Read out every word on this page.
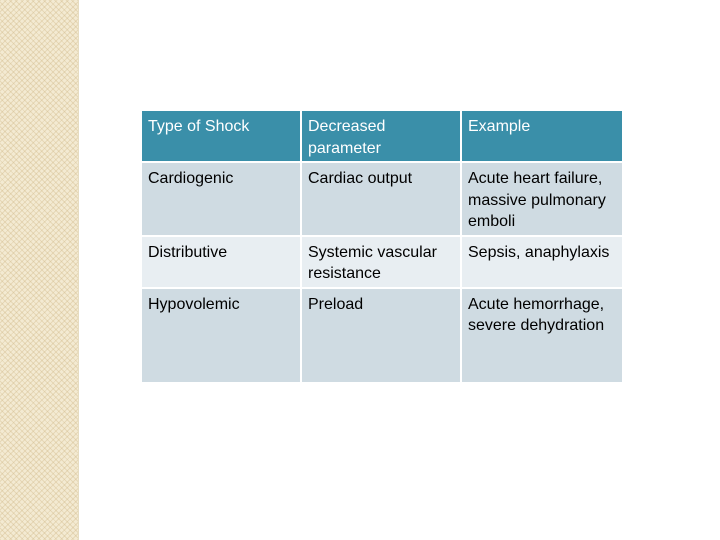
Type of Shock	Decreased parameter	Example
Cardiogenic	Cardiac output	Acute heart failure, massive pulmonary emboli
Distributive	Systemic vascular resistance	Sepsis, anaphylaxis
Hypovolemic	Preload	Acute hemorrhage, severe dehydration
